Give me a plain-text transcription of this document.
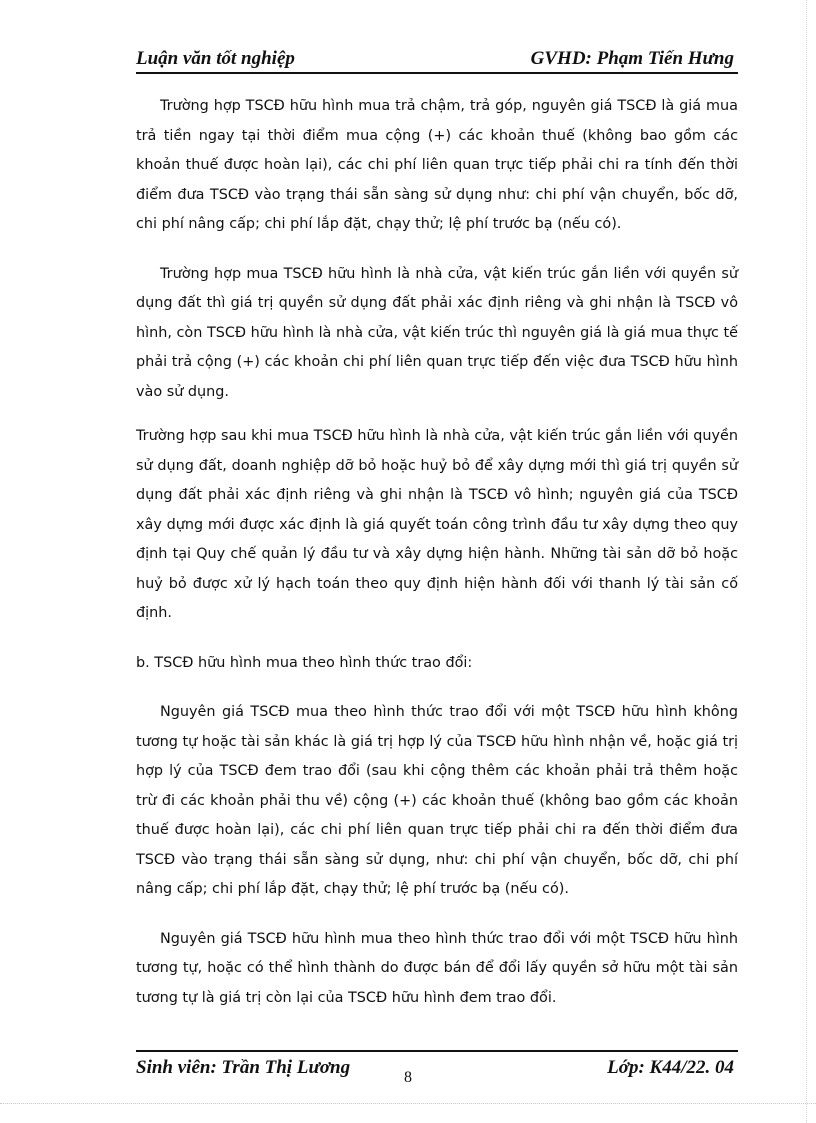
Luận văn tốt nghiệp	GVHD: Phạm Tiến Hưng

Trường hợp TSCĐ hữu hình mua trả chậm, trả góp, nguyên giá TSCĐ là giá mua trả tiền ngay tại thời điểm mua cộng (+) các khoản thuế (không bao gồm các khoản thuế được hoàn lại), các chi phí liên quan trực tiếp phải chi ra tính đến thời điểm đưa TSCĐ vào trạng thái sẵn sàng sử dụng như: chi phí vận chuyển, bốc dỡ, chi phí nâng cấp; chi phí lắp đặt, chạy thử; lệ phí trước bạ (nếu có).

Trường hợp mua TSCĐ hữu hình là nhà cửa, vật kiến trúc gắn liền với quyền sử dụng đất thì giá trị quyền sử dụng đất phải xác định riêng và ghi nhận là TSCĐ vô hình, còn TSCĐ hữu hình là nhà cửa, vật kiến trúc thì nguyên giá là giá mua thực tế phải trả cộng (+) các khoản chi phí liên quan trực tiếp đến việc đưa TSCĐ hữu hình vào sử dụng.

Trường hợp sau khi mua TSCĐ hữu hình là nhà cửa, vật kiến trúc gắn liền với quyền sử dụng đất, doanh nghiệp dỡ bỏ hoặc huỷ bỏ để xây dựng mới thì giá trị quyền sử dụng đất phải xác định riêng và ghi nhận là TSCĐ vô hình; nguyên giá của TSCĐ xây dựng mới được xác định là giá quyết toán công trình đầu tư xây dựng theo quy định tại Quy chế quản lý đầu tư và xây dựng hiện hành. Những tài sản dỡ bỏ hoặc huỷ bỏ được xử lý hạch toán theo quy định hiện hành đối với thanh lý tài sản cố định.

b. TSCĐ hữu hình mua theo hình thức trao đổi:

Nguyên giá TSCĐ mua theo hình thức trao đổi với một TSCĐ hữu hình không tương tự hoặc tài sản khác là giá trị hợp lý của TSCĐ hữu hình nhận về, hoặc giá trị hợp lý của TSCĐ đem trao đổi (sau khi cộng thêm các khoản phải trả thêm hoặc trừ đi các khoản phải thu về) cộng (+) các khoản thuế (không bao gồm các khoản thuế được hoàn lại), các chi phí liên quan trực tiếp phải chi ra đến thời điểm đưa TSCĐ vào trạng thái sẵn sàng sử dụng, như: chi phí vận chuyển, bốc dỡ, chi phí nâng cấp; chi phí lắp đặt, chạy thử; lệ phí trước bạ (nếu có).

Nguyên giá TSCĐ hữu hình mua theo hình thức trao đổi với một TSCĐ hữu hình tương tự, hoặc có thể hình thành do được bán để đổi lấy quyền sở hữu một tài sản tương tự là giá trị còn lại của TSCĐ hữu hình đem trao đổi.

Sinh viên: Trần Thị Lương	Lớp: K44/22. 04
8
